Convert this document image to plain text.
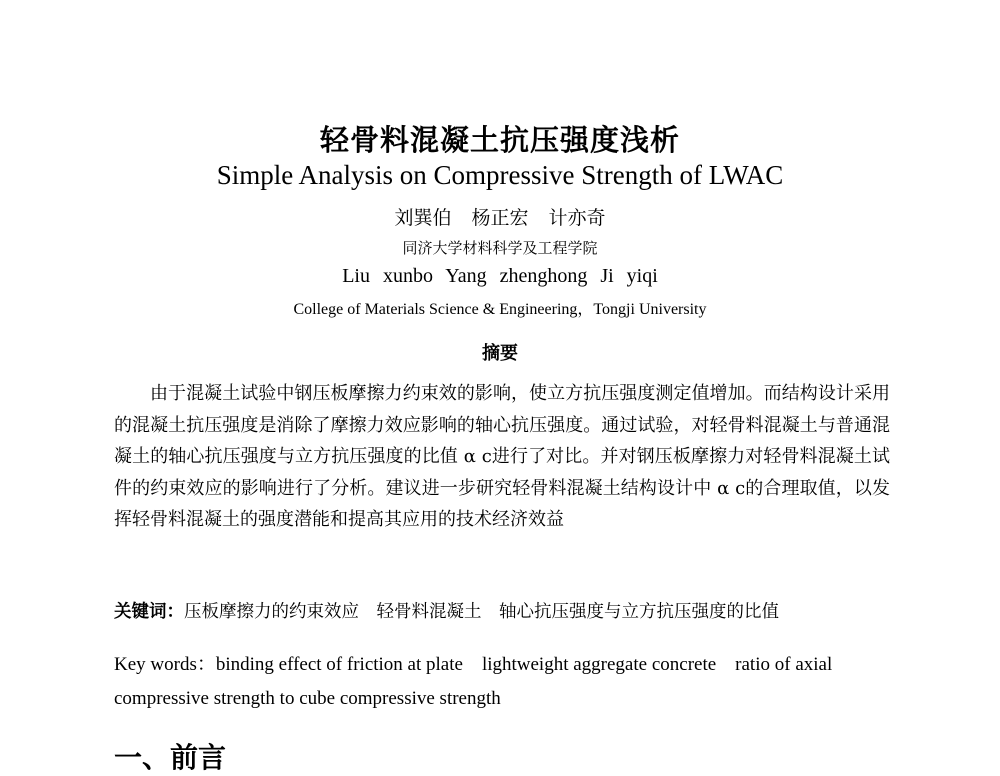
轻骨料混凝土抗压强度浅析
Simple Analysis on Compressive Strength of LWAC
刘巽伯 杨正宏 计亦奇
同济大学材料科学及工程学院
Liu xunbo Yang zhenghong Ji yiqi
College of Materials Science & Engineering，Tongji University
摘要
由于混凝土试验中钢压板摩擦力约束效的影响，使立方抗压强度测定值增加。而结构设计采用的混凝土抗压强度是消除了摩擦力效应影响的轴心抗压强度。通过试验，对轻骨料混凝土与普通混凝土的轴心抗压强度与立方抗压强度的比值 α c进行了对比。并对钢压板摩擦力对轻骨料混凝土试件的约束效应的影响进行了分析。建议进一步研究轻骨料混凝土结构设计中 α c的合理取值，以发挥轻骨料混凝土的强度潜能和提高其应用的技术经济效益
关键词：压板摩擦力的约束效应　轻骨料混凝土　轴心抗压强度与立方抗压强度的比值
Key words：binding effect of friction at plate　lightweight aggregate concrete　ratio of axial compressive strength to cube compressive strength
一、前言
